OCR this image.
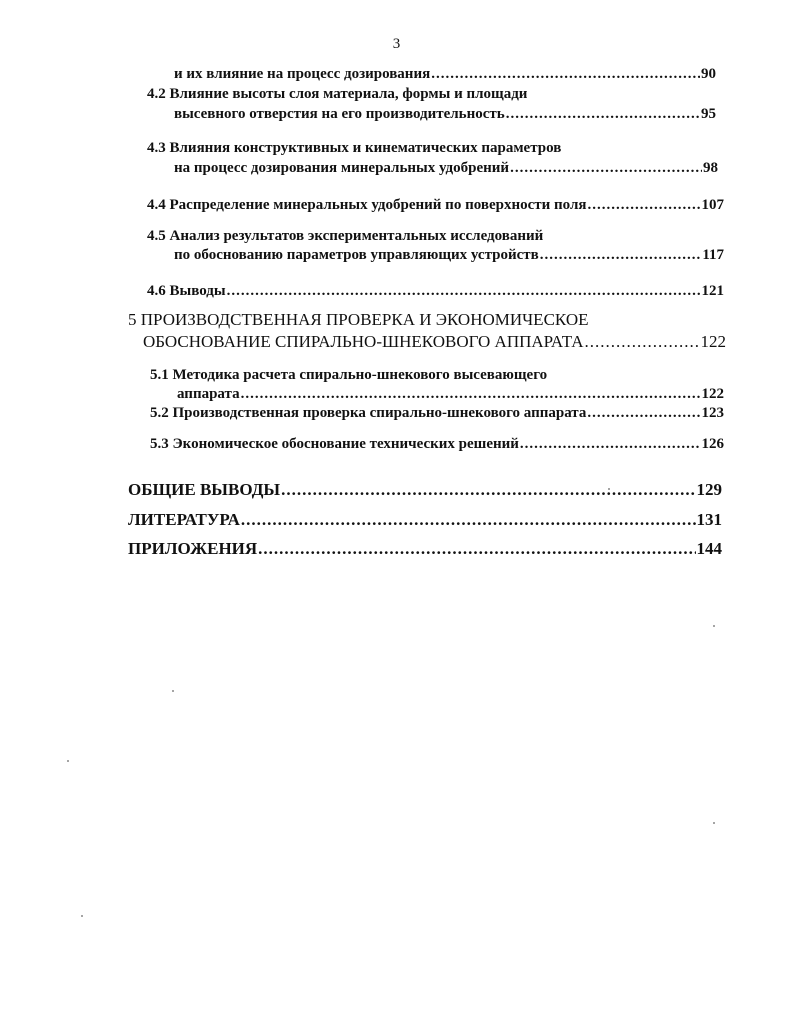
3
и их влияние на процесс дозирования .....	90
4.2 Влияние высоты слоя материала, формы и площади
высевного отверстия на его производительность .....	95
4.3 Влияния конструктивных и кинематических параметров
на процесс дозирования минеральных удобрений .....	98
4.4 Распределение минеральных удобрений по поверхности поля .....	107
4.5 Анализ результатов экспериментальных исследований
по обоснованию параметров управляющих устройств .....	117
4.6 Выводы .....	121
5 ПРОИЗВОДСТВЕННАЯ ПРОВЕРКА И ЭКОНОМИЧЕСКОЕ
ОБОСНОВАНИЕ СПИРАЛЬНО-ШНЕКОВОГО АППАРАТА .....	122
5.1 Методика расчета спирально-шнекового высевающего
аппарата .....	122
5.2 Производственная проверка спирально-шнекового аппарата .....	123
5.3 Экономическое обоснование технических решений .....	126
ОБЩИЕ ВЫВОДЫ .....	129
ЛИТЕРАТУРА .....	131
ПРИЛОЖЕНИЯ .....	144
